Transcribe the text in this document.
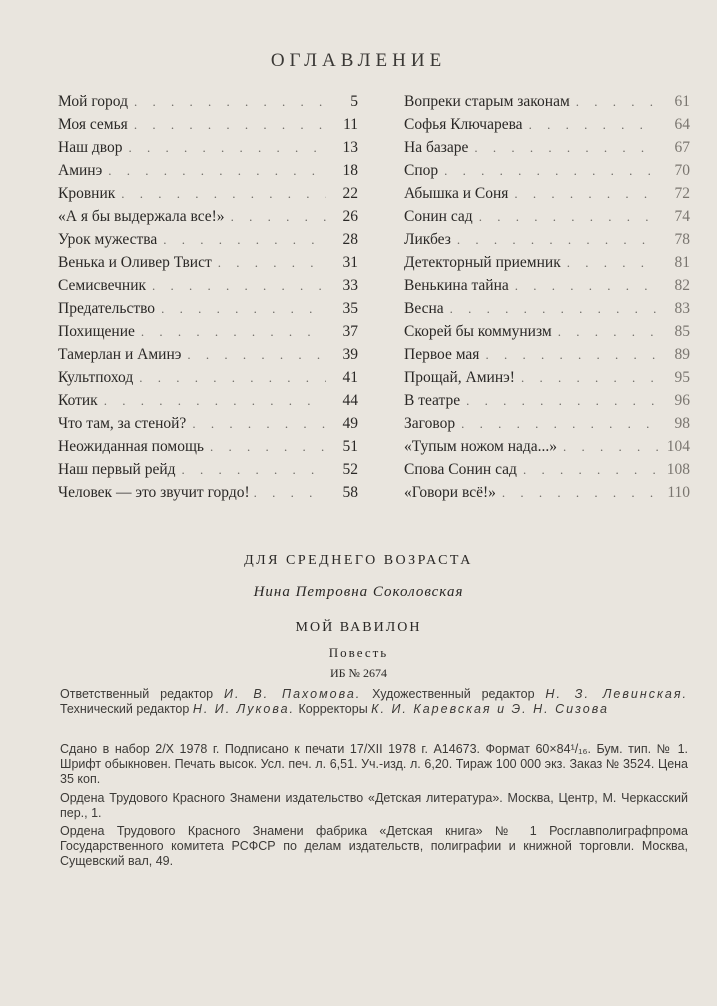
ОГЛАВЛЕНИЕ
Мой город . . .	5
Моя семья . . .	11
Наш двор . . .	13
Аминэ . . .	18
Кровник . . .	22
«А я бы выдержала все!» . . .	26
Урок мужества . . .	28
Венька и Оливер Твист . . .	31
Семисвечник . . .	33
Предательство . . .	35
Похищение . . .	37
Тамерлан и Аминэ . . .	39
Культпоход . . .	41
Котик . . .	44
Что там, за стеной? . . .	49
Неожиданная помощь . . .	51
Наш первый рейд . . .	52
Человек — это звучит гордо! . . .	58
Вопреки старым законам . . .	61
Софья Ключарева . . .	64
На базаре . . .	67
Спор . . .	70
Абышка и Соня . . .	72
Сонин сад . . .	74
Ликбез . . .	78
Детекторный приемник . . .	81
Венькина тайна . . .	82
Весна . . .	83
Скорей бы коммунизм . . .	85
Первое мая . . .	89
Прощай, Аминэ! . . .	95
В театре . . .	96
Заговор . . .	98
«Тупым ножом нада...» . . .	104
Спова Сонин сад . . .	108
«Говори всё!» . . .	110
ДЛЯ СРЕДНЕГО ВОЗРАСТА
Нина Петровна Соколовская
МОЙ ВАВИЛОН
Повесть
ИБ № 2674

Ответственный редактор И. В. Пахомова. Художественный редактор Н. З. Левинская. Технический редактор Н. И. Лукова. Корректоры К. И. Каревская и Э. Н. Сизова

Сдано в набор 2/X 1978 г. Подписано к печати 17/XII 1978 г. А14673. Формат 60×84¹/₁₆. Бум. тип. № 1. Шрифт обыкновен. Печать высок. Усл. печ. л. 6,51. Уч.-изд. л. 6,20. Тираж 100 000 экз. Заказ № 3524. Цена 35 коп.

Ордена Трудового Красного Знамени издательство «Детская литература». Москва, Центр, М. Черкасский пер., 1.

Ордена Трудового Красного Знамени фабрика «Детская книга» № 1 Росглавполиграфпрома Государственного комитета РСФСР по делам издательств, полиграфии и книжной торговли. Москва, Сущевский вал, 49.
